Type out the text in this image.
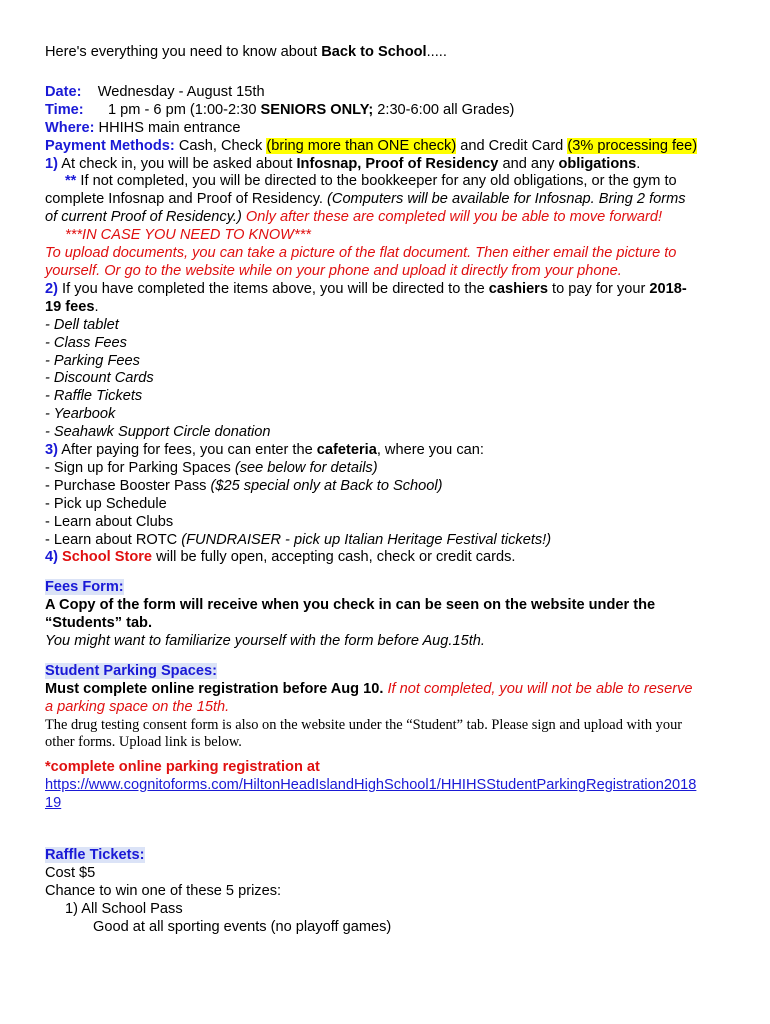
Here's everything you need to know about Back to School.....
Date: Wednesday - August 15th
Time: 1 pm - 6 pm (1:00-2:30 SENIORS ONLY; 2:30-6:00 all Grades)
Where: HHIHS main entrance
Payment Methods: Cash, Check (bring more than ONE check) and Credit Card (3% processing fee)
1) At check in, you will be asked about Infosnap, Proof of Residency and any obligations.
** If not completed, you will be directed to the bookkeeper for any old obligations, or the gym to
complete Infosnap and Proof of Residency. (Computers will be available for Infosnap. Bring 2 forms
of current Proof of Residency.) Only after these are completed will you be able to move forward!
***IN CASE YOU NEED TO KNOW***
To upload documents, you can take a picture of the flat document. Then either email the picture to
yourself. Or go to the website while on your phone and upload it directly from your phone.
2) If you have completed the items above, you will be directed to the cashiers to pay for your 2018-
19 fees.
- Dell tablet
- Class Fees
- Parking Fees
- Discount Cards
- Raffle Tickets
- Yearbook
- Seahawk Support Circle donation
3) After paying for fees, you can enter the cafeteria, where you can:
- Sign up for Parking Spaces (see below for details)
- Purchase Booster Pass ($25 special only at Back to School)
- Pick up Schedule
- Learn about Clubs
- Learn about ROTC (FUNDRAISER - pick up Italian Heritage Festival tickets!)
4) School Store will be fully open, accepting cash, check or credit cards.
Fees Form:
A Copy of the form will receive when you check in can be seen on the website under the
“Students” tab.
You might want to familiarize yourself with the form before Aug.15th.
Student Parking Spaces:
Must complete online registration before Aug 10. If not completed, you will not be able to reserve
a parking space on the 15th.
The drug testing consent form is also on the website under the “Student” tab. Please sign and upload with your
other forms. Upload link is below.
*complete online parking registration at
https://www.cognitoforms.com/HiltonHeadIslandHighSchool1/HHIHSStudentParkingRegistration2018
19
Raffle Tickets:
Cost $5
Chance to win one of these 5 prizes:
1) All School Pass
Good at all sporting events (no playoff games)
